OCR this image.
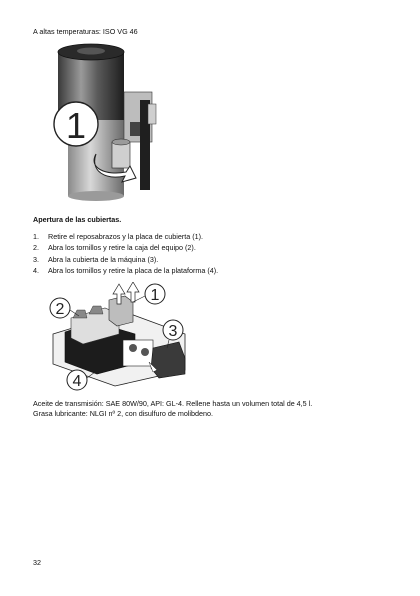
A altas temperaturas: ISO VG 46
1
Apertura de las cubiertas.
1. Retire el reposabrazos y la placa de cubierta (1).
2. Abra los tornillos y retire la caja del equipo (2).
3. Abra la cubierta de la máquina (3).
4. Abra los tornillos y retire la placa de la plataforma (4).
1
2
3
4
Aceite de transmisión: SAE 80W/90, API: GL-4. Rellene hasta un volumen total de 4,5 l.
Grasa lubricante: NLGI nº 2, con disulfuro de molibdeno.
32
